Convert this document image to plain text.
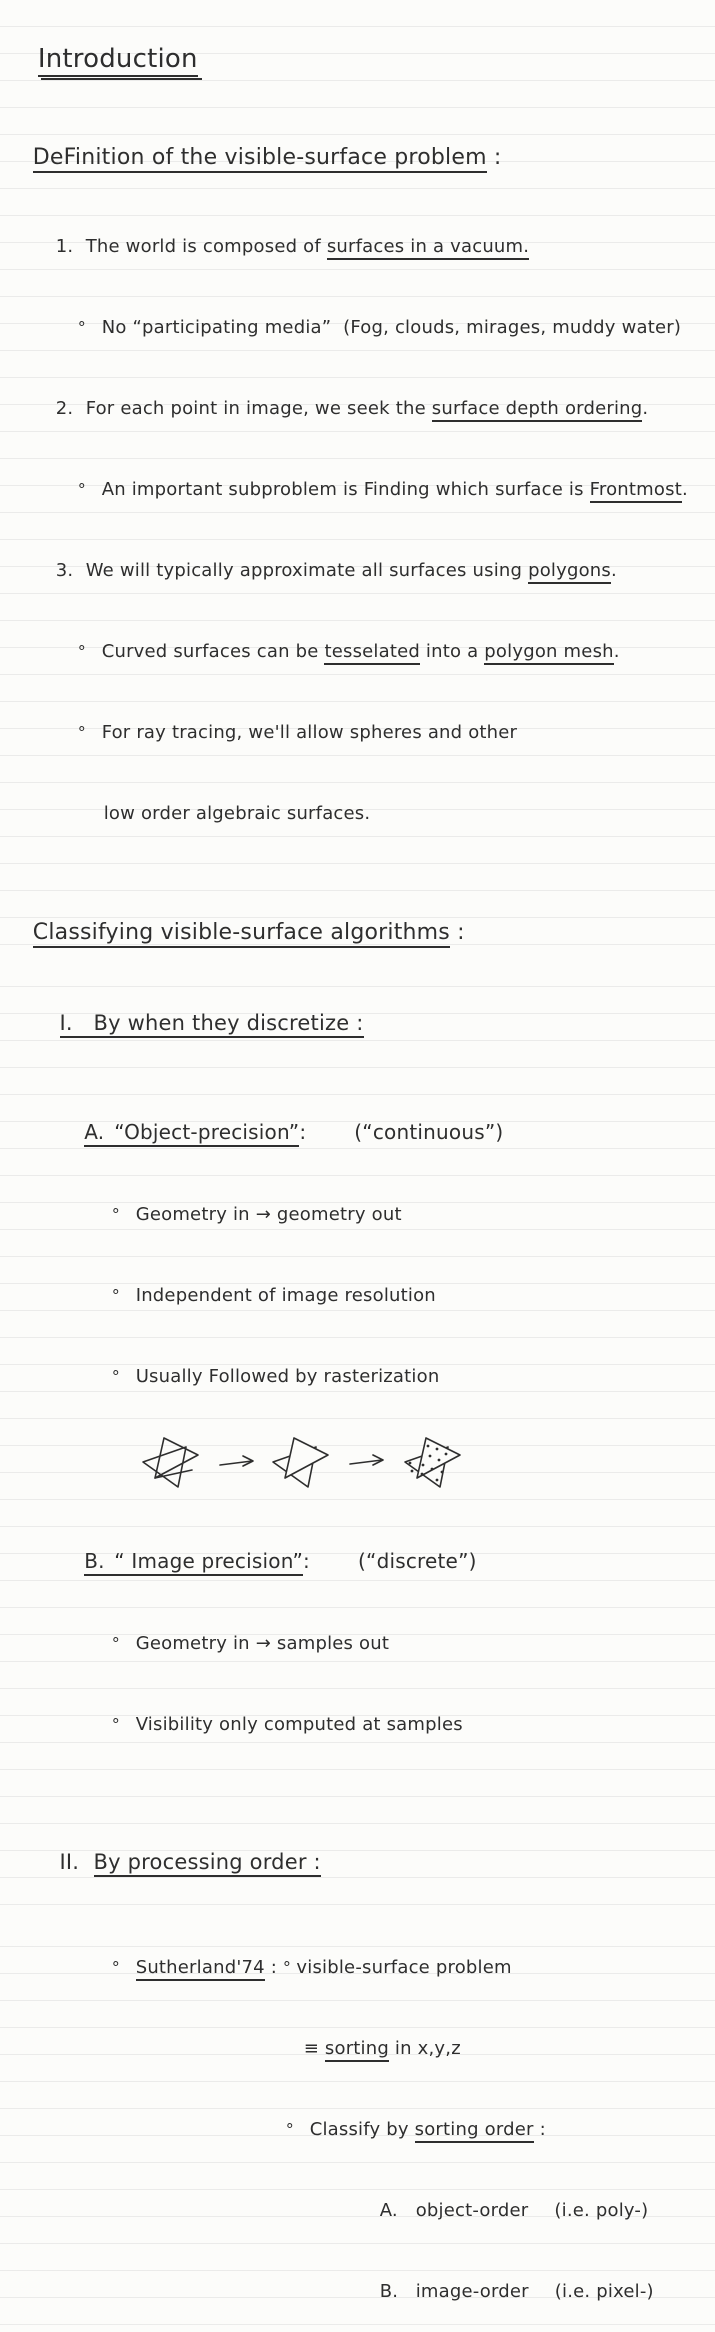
Introduction

DeFinition of the visible-surface problem :

1. The world is composed of surfaces in a vacuum.

° No “participating media”  (Fog, clouds, mirages, muddy water)

2. For each point in image, we seek the surface depth ordering.

° An important subproblem is Finding which surface is Frontmost.

3. We will typically approximate all surfaces using polygons.

° Curved surfaces can be tesselated into a polygon mesh.

° For ray tracing, we'll allow spheres and other

low order algebraic surfaces.

Classifying visible-surface algorithms :

I. By when they discretize :

A. “Object-precision”: (“continuous”)

° Geometry in → geometry out

° Independent of image resolution

° Usually Followed by rasterization

B. “ Image precision”: (“discrete”)

° Geometry in → samples out

° Visibility only computed at samples

II. By processing order :

° Sutherland'74 : ° visible-surface problem

≡ sorting in x,y,z

° Classify by sorting order :

A. object-order (i.e. poly-)

B. image-order (i.e. pixel-)
